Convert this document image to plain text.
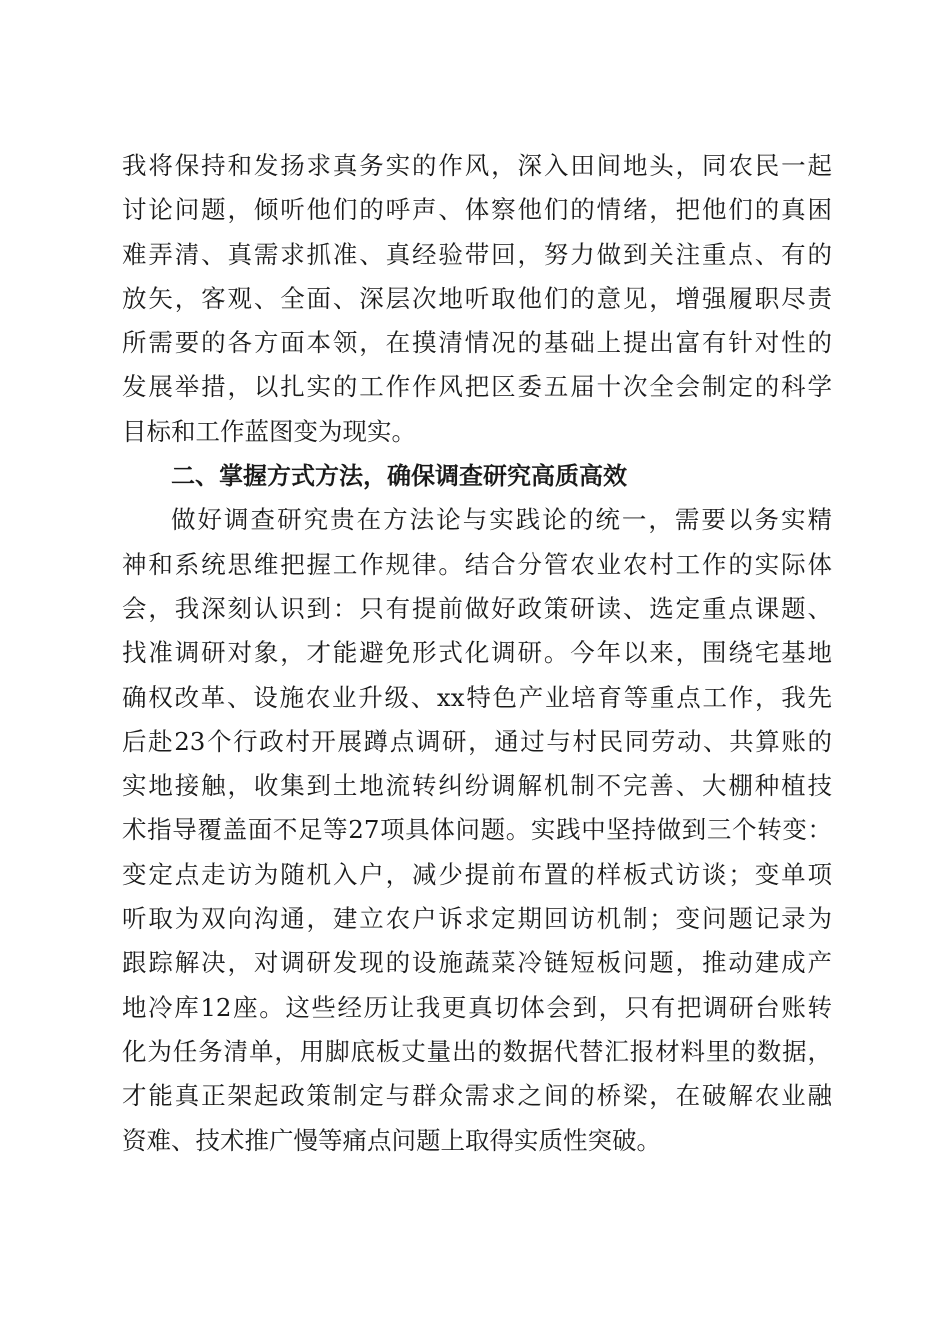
我将保持和发扬求真务实的作风，深入田间地头，同农民一起
讨论问题，倾听他们的呼声、体察他们的情绪，把他们的真困
难弄清、真需求抓准、真经验带回，努力做到关注重点、有的
放矢，客观、全面、深层次地听取他们的意见，增强履职尽责
所需要的各方面本领，在摸清情况的基础上提出富有针对性的
发展举措，以扎实的工作作风把区委五届十次全会制定的科学
目标和工作蓝图变为现实。
二、掌握方式方法，确保调查研究高质高效
做好调查研究贵在方法论与实践论的统一，需要以务实精
神和系统思维把握工作规律。结合分管农业农村工作的实际体
会，我深刻认识到：只有提前做好政策研读、选定重点课题、
找准调研对象，才能避免形式化调研。今年以来，围绕宅基地
确权改革、设施农业升级、xx特色产业培育等重点工作，我先
后赴23个行政村开展蹲点调研，通过与村民同劳动、共算账的
实地接触，收集到土地流转纠纷调解机制不完善、大棚种植技
术指导覆盖面不足等27项具体问题。实践中坚持做到三个转变：
变定点走访为随机入户，减少提前布置的样板式访谈；变单项
听取为双向沟通，建立农户诉求定期回访机制；变问题记录为
跟踪解决，对调研发现的设施蔬菜冷链短板问题，推动建成产
地冷库12座。这些经历让我更真切体会到，只有把调研台账转
化为任务清单，用脚底板丈量出的数据代替汇报材料里的数据，
才能真正架起政策制定与群众需求之间的桥梁，在破解农业融
资难、技术推广慢等痛点问题上取得实质性突破。
